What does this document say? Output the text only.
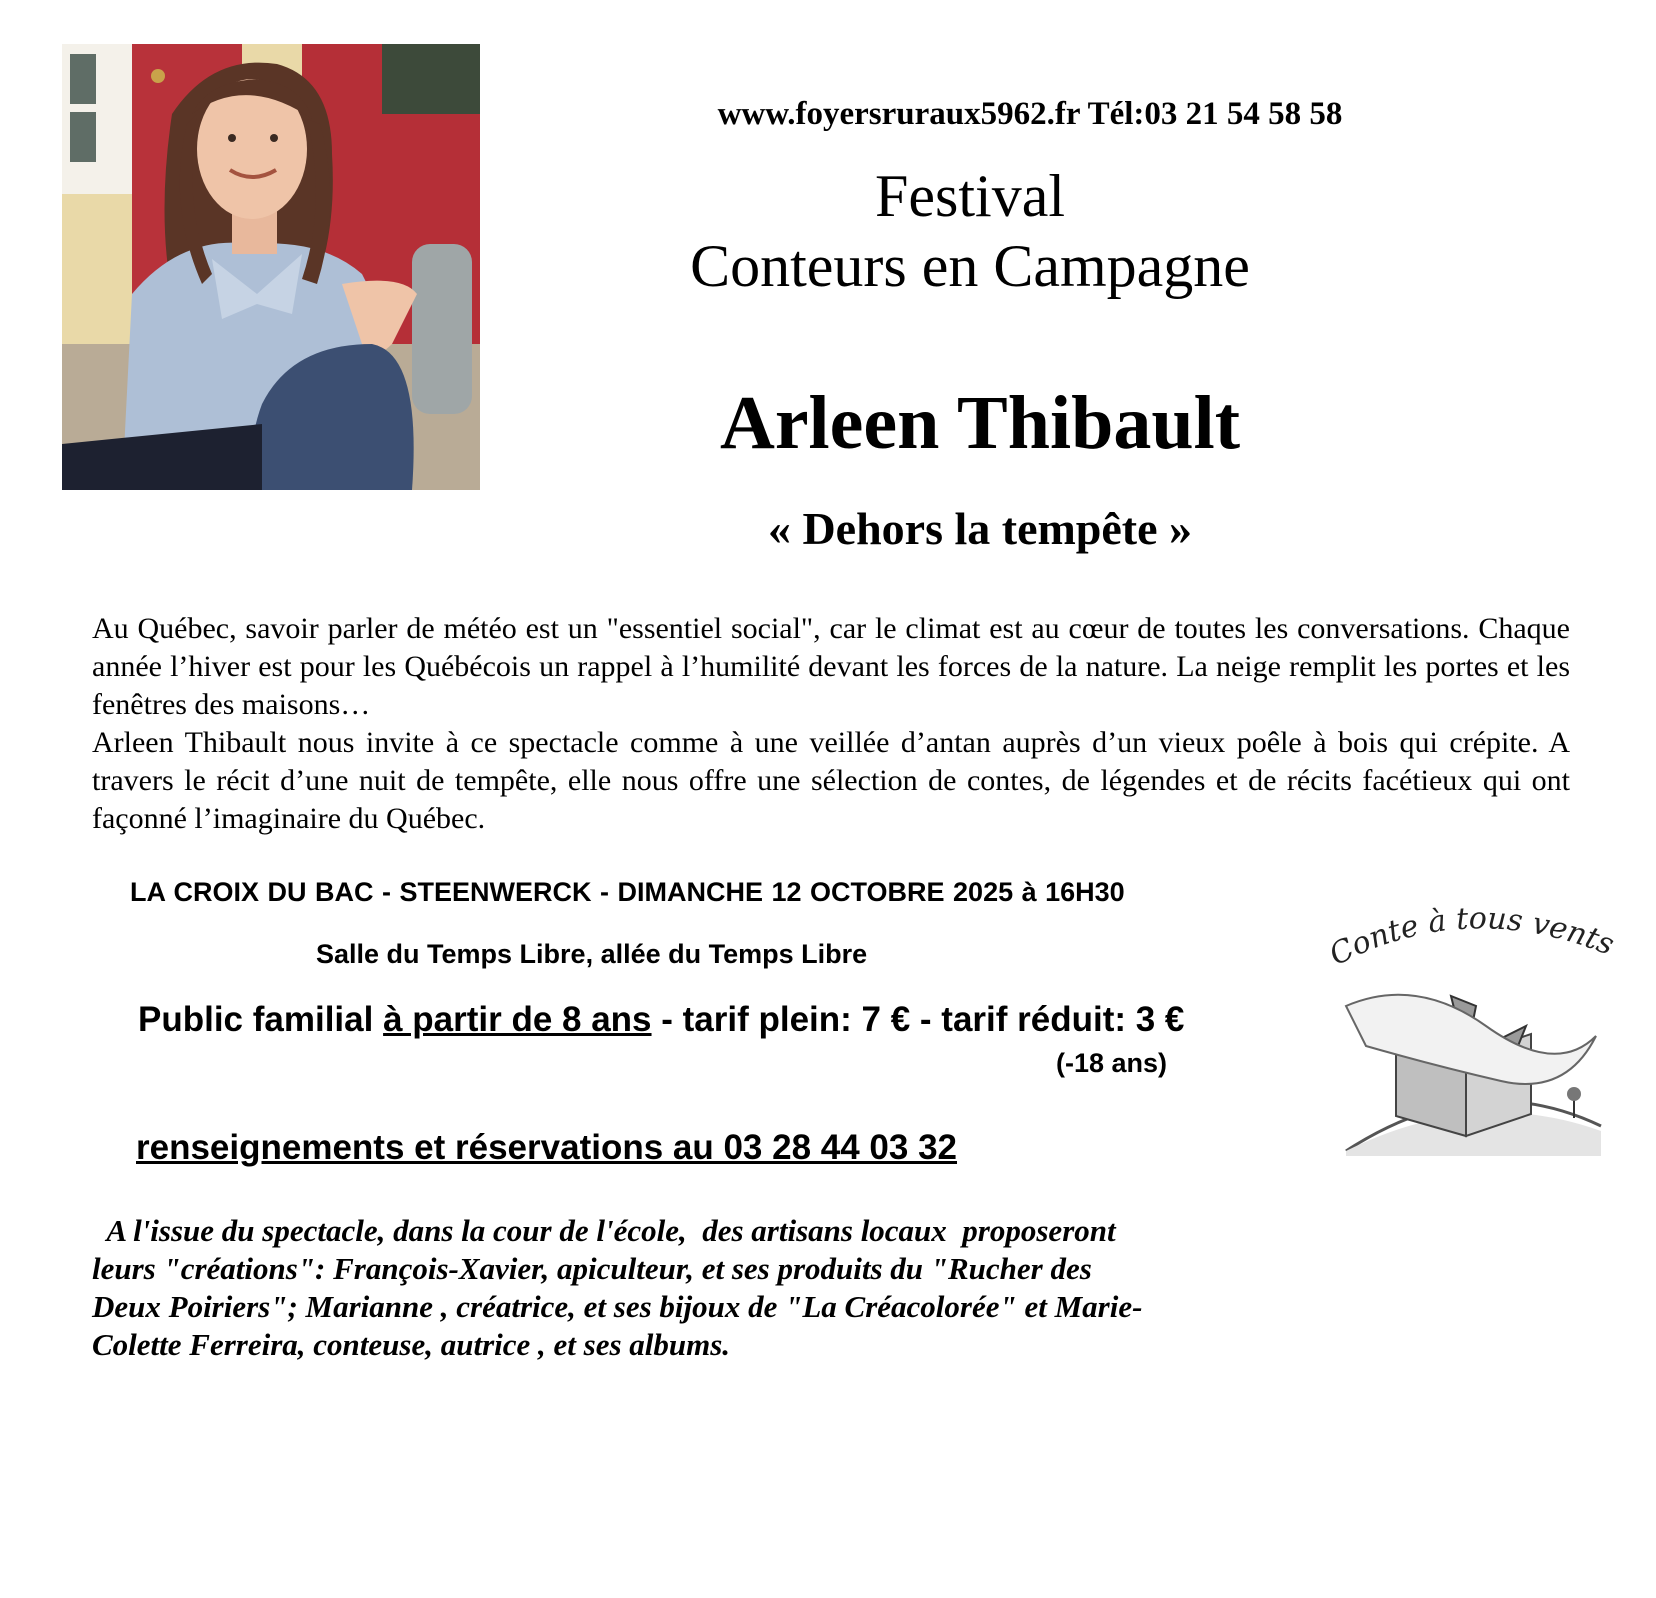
www.foyersruraux5962.fr Tél:03 21 54 58 58
Festival
Conteurs en Campagne
Arleen Thibault
« Dehors la tempête »

Au Québec, savoir parler de météo est un "essentiel social", car le climat est au cœur de toutes les conversations. Chaque année l’hiver est pour les Québécois un rappel à l’humilité devant les forces de la nature. La neige remplit les portes et les fenêtres des maisons…

Arleen Thibault nous invite à ce spectacle comme à une veillée d’antan auprès d’un vieux poêle à bois qui crépite. A travers le récit d’une nuit de tempête, elle nous offre une sélection de contes, de légendes et de récits facétieux qui ont façonné l’imaginaire du Québec.

LA CROIX DU BAC - STEENWERCK - DIMANCHE 12 OCTOBRE 2025 à 16H30
Salle du Temps Libre, allée du Temps Libre
Public familial à partir de 8 ans - tarif plein: 7 € - tarif réduit: 3 €
(-18 ans)
renseignements et réservations au 03 28 44 03 32
Conte à tous vent

A l'issue du spectacle, dans la cour de l'école,  des artisans locaux  proposeront

leurs "créations": François-Xavier, apiculteur, et ses produits du "Rucher des

Deux Poiriers"; Marianne , créatrice, et ses bijoux de "La Créacolorée" et Marie-

Colette Ferreira, conteuse, autrice , et ses albums.
